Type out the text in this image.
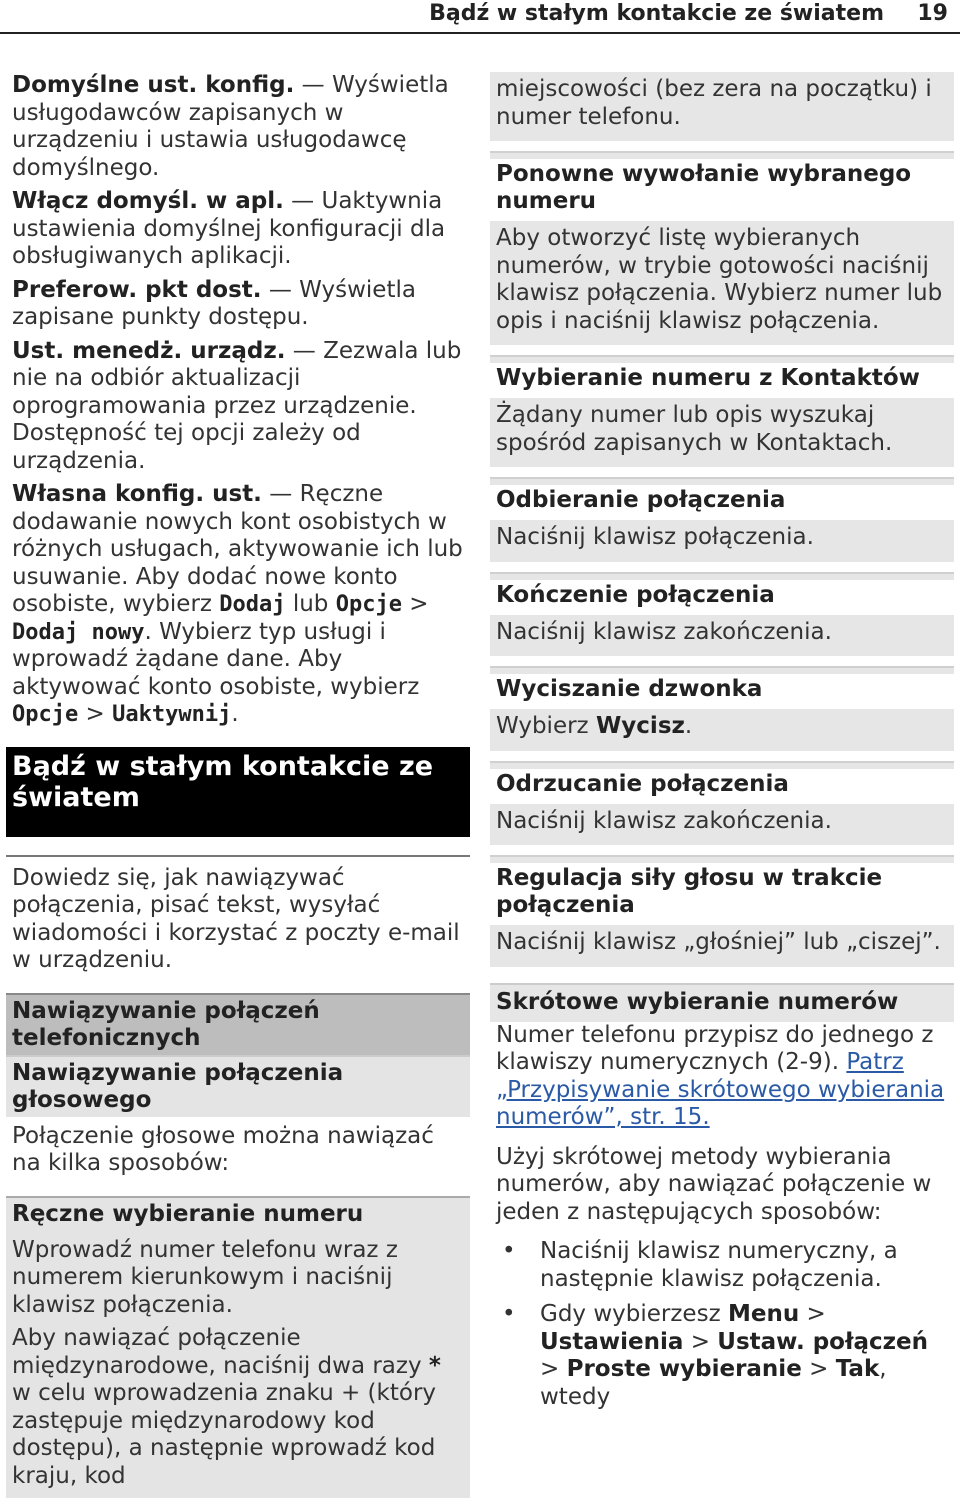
Bądź w stałym kontakcie ze światem 19
Domyślne ust. konfig. — Wyświetla usługodawców zapisanych w urządzeniu i ustawia usługodawcę domyślnego.
Włącz domyśl. w apl. — Uaktywnia ustawienia domyślnej konfiguracji dla obsługiwanych aplikacji.
Preferow. pkt dost. — Wyświetla zapisane punkty dostępu.
Ust. menedż. urządz. — Zezwala lub nie na odbiór aktualizacji oprogramowania przez urządzenie. Dostępność tej opcji zależy od urządzenia.
Własna konfig. ust. — Ręczne dodawanie nowych kont osobistych w różnych usługach, aktywowanie ich lub usuwanie. Aby dodać nowe konto osobiste, wybierz Dodaj lub Opcje > Dodaj nowy. Wybierz typ usługi i wprowadź żądane dane. Aby aktywować konto osobiste, wybierz Opcje > Uaktywnij.
Bądź w stałym kontakcie ze światem
Dowiedz się, jak nawiązywać połączenia, pisać tekst, wysyłać wiadomości i korzystać z poczty e-mail w urządzeniu.
Nawiązywanie połączeń telefonicznych
Nawiązywanie połączenia głosowego
Połączenie głosowe można nawiązać na kilka sposobów:
Ręczne wybieranie numeru
Wprowadź numer telefonu wraz z numerem kierunkowym i naciśnij klawisz połączenia.
Aby nawiązać połączenie międzynarodowe, naciśnij dwa razy * w celu wprowadzenia znaku + (który zastępuje międzynarodowy kod dostępu), a następnie wprowadź kod kraju, kod
miejscowości (bez zera na początku) i numer telefonu.
Ponowne wywołanie wybranego numeru
Aby otworzyć listę wybieranych numerów, w trybie gotowości naciśnij klawisz połączenia. Wybierz numer lub opis i naciśnij klawisz połączenia.
Wybieranie numeru z Kontaktów
Żądany numer lub opis wyszukaj spośród zapisanych w Kontaktach.
Odbieranie połączenia
Naciśnij klawisz połączenia.
Kończenie połączenia
Naciśnij klawisz zakończenia.
Wyciszanie dzwonka
Wybierz Wycisz.
Odrzucanie połączenia
Naciśnij klawisz zakończenia.
Regulacja siły głosu w trakcie połączenia
Naciśnij klawisz „głośniej” lub „ciszej”.
Skrótowe wybieranie numerów
Numer telefonu przypisz do jednego z klawiszy numerycznych (2-9). Patrz „Przypisywanie skrótowego wybierania numerów”, str. 15.
Użyj skrótowej metody wybierania numerów, aby nawiązać połączenie w jeden z następujących sposobów:
• Naciśnij klawisz numeryczny, a następnie klawisz połączenia.
• Gdy wybierzesz Menu > Ustawienia > Ustaw. połączeń > Proste wybieranie > Tak, wtedy
